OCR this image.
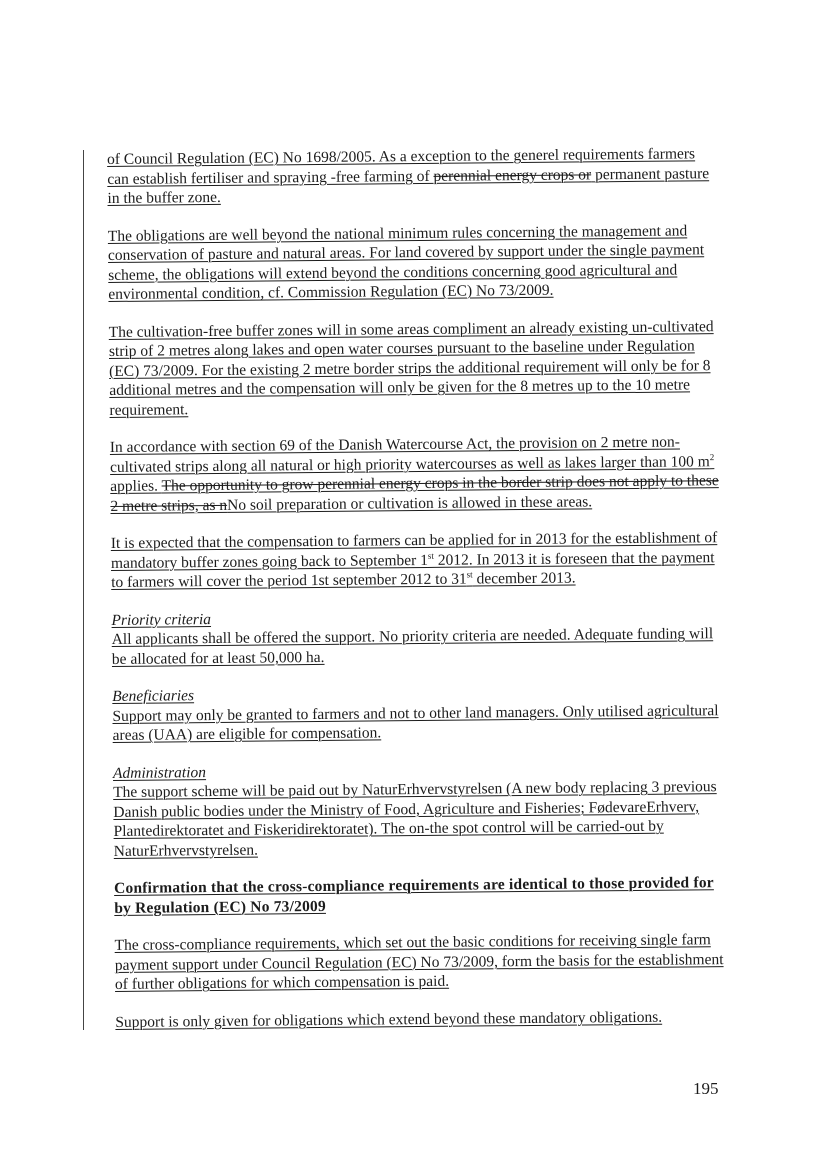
of Council Regulation (EC) No 1698/2005. As a exception to the generel requirements farmers can establish fertiliser and spraying -free farming of perennial energy crops or permanent pasture in the buffer zone.

The obligations are well beyond the national minimum rules concerning the management and conservation of pasture and natural areas. For land covered by support under the single payment scheme, the obligations will extend beyond the conditions concerning good agricultural and environmental condition, cf. Commission Regulation (EC) No 73/2009.

The cultivation-free buffer zones will in some areas compliment an already existing un-cultivated strip of 2 metres along lakes and open water courses pursuant to the baseline under Regulation (EC) 73/2009. For the existing 2 metre border strips the additional requirement will only be for 8 additional metres and the compensation will only be given for the 8 metres up to the 10 metre requirement.

In accordance with section 69 of the Danish Watercourse Act, the provision on 2 metre non-cultivated strips along all natural or high priority watercourses as well as lakes larger than 100 $m^2$ applies. The opportunity to grow perennial energy crops in the border strip does not apply to these 2 metre strips, as nNo soil preparation or cultivation is allowed in these areas.

It is expected that the compensation to farmers can be applied for in 2013 for the establishment of mandatory buffer zones going back to September 1st 2012. In 2013 it is foreseen that the payment to farmers will cover the period 1st september 2012 to 31st december 2013.

Priority criteria
All applicants shall be offered the support. No priority criteria are needed. Adequate funding will be allocated for at least 50,000 ha.

Beneficiaries
Support may only be granted to farmers and not to other land managers. Only utilised agricultural areas (UAA) are eligible for compensation.

Administration
The support scheme will be paid out by NaturErhvervstyrelsen (A new body replacing 3 previous Danish public bodies under the Ministry of Food, Agriculture and Fisheries; FødevareErhverv, Plantedirektoratet and Fiskeridirektoratet). The on-the spot control will be carried-out by NaturErhvervstyrelsen.

Confirmation that the cross-compliance requirements are identical to those provided for by Regulation (EC) No 73/2009

The cross-compliance requirements, which set out the basic conditions for receiving single farm payment support under Council Regulation (EC) No 73/2009, form the basis for the establishment of further obligations for which compensation is paid.

Support is only given for obligations which extend beyond these mandatory obligations.

195
